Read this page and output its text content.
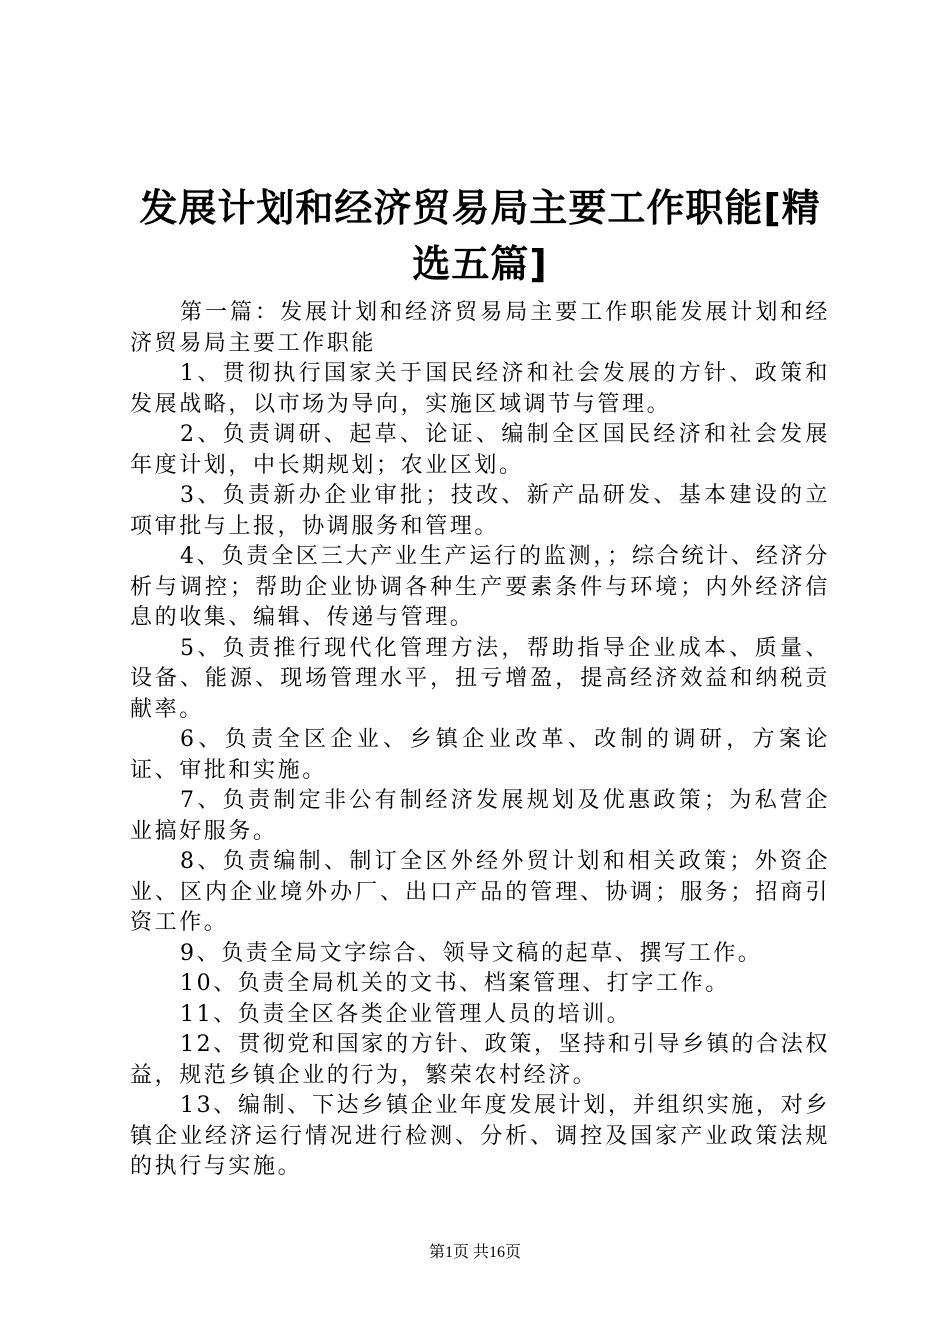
发展计划和经济贸易局主要工作职能[精选五篇]

第一篇：发展计划和经济贸易局主要工作职能发展计划和经济贸易局主要工作职能

1、贯彻执行国家关于国民经济和社会发展的方针、政策和发展战略，以市场为导向，实施区域调节与管理。

2、负责调研、起草、论证、编制全区国民经济和社会发展年度计划，中长期规划；农业区划。

3、负责新办企业审批；技改、新产品研发、基本建设的立项审批与上报，协调服务和管理。

4、负责全区三大产业生产运行的监测，；综合统计、经济分析与调控；帮助企业协调各种生产要素条件与环境；内外经济信息的收集、编辑、传递与管理。

5、负责推行现代化管理方法，帮助指导企业成本、质量、设备、能源、现场管理水平，扭亏增盈，提高经济效益和纳税贡献率。

6、负责全区企业、乡镇企业改革、改制的调研，方案论证、审批和实施。

7、负责制定非公有制经济发展规划及优惠政策；为私营企业搞好服务。

8、负责编制、制订全区外经外贸计划和相关政策；外资企业、区内企业境外办厂、出口产品的管理、协调；服务；招商引资工作。

9、负责全局文字综合、领导文稿的起草、撰写工作。

10、负责全局机关的文书、档案管理、打字工作。

11、负责全区各类企业管理人员的培训。

12、贯彻党和国家的方针、政策，坚持和引导乡镇的合法权益，规范乡镇企业的行为，繁荣农村经济。

13、编制、下达乡镇企业年度发展计划，并组织实施，对乡镇企业经济运行情况进行检测、分析、调控及国家产业政策法规的执行与实施。

第1页 共16页
